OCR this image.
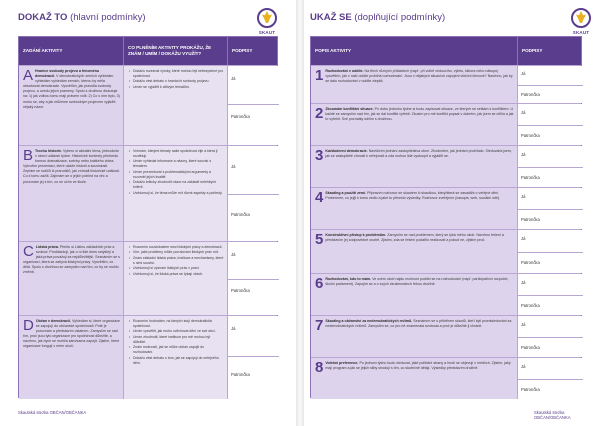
DOKAŽ TO (hlavní podmínky)
SKAUT
ZADÁNÍ AKTIVITY
CO PLNĚNÍM AKTIVITY PROKÁŽU, ŽE ZNÁM / UMÍM / DOKÁŽU VYUŽÍT?
PODPISY

A Hranice svobody projevu a fenoménu demokracii. V demokratických zemích vyhledám vyhledám vyhledám zemích, kterou by měla obsahovat demokracie. Vysvětlím, jak pravidla svobody projevu, a uvedu jejich prameny. Spolu s družinou diskutuje na: 1) jak volbou tomu mají právem volit. 2) Co s ním bylo, 3) mohu se, aby a jak můžeme svobodným projevem vyjádřit nějaký názor.

• Dokážu rozeznat výroky, které mohou být nebezpečné pro společnost.
• Dokážu vést debatu o hranicích svobody projevu.
• Umím se vyjádřit k citlivým tématům.
Já
Patrončka

B Trochu historie. Vyberu si aktuální téma, jednoduše v rámci událostí týdne. Historické kontexty předvedu formou dramatizace, scénky nebo krátkého videa. Vytvořím prezentaci, které ukáže historii a souvislosti. Zeptám se rodičů či prarodičů, jak vnímali historické události. Co k tomu zažili. Zajímám se o jejich pohled na věc a porovnám jej s tím, co se učím ve škole.

• Vnímám, kterými tématy naše společnost žije a která ji rozdělují.
• Umím vyhledat informace a názory, které souvisí s tématem.
• Umím prezentovat s problematickými argumenty a rozumět jejich kvalitě.
• Dokážu kriticky zhodnotit názor na základě nelehkých kritérií.
• Uvědomuji si, že téma může mít různé aspekty a pohledy.
Já
Patrončka

C Lidská práva. Přečtu si Listinu základních práv a svobod. Prodiskutuji, jak o ní lidé dnes smýšlejí a jaká práva považuji za nejdůležitější. Seznámím se s organizací, která se zabývá lidskými právy. Vysvětlím, co dělá. Spolu s družinou se zamyslím nad tím, co by se mohlo změnit.

• Rozumím souvislostem mezi lidskými právy a demokracií.
• Vím, jaké problémy může porušování lidských práv mít.
• Znám základní lidská práva, instituce a mechanismy, které s nimi souvisí.
• Uvědomuji si význam lidských práv v praxi.
• Uvědomuji si, že lidská práva se týkají všech.
Já
Patrončka

D Občan v demokracii. Vyhledám si, které organizace se zapojují do občanské společnosti. Poté je porovnám a představím ostatním. Zamyslím se nad tím, proč jsou tyto organizace pro společnost důležité, a navrhnu, jak bych se mohl/a sám/sama zapojit. Zjistím, které organizace fungují v mém okolí.

• Rozumím hodnotám, na kterých stojí demokratická společnost.
• Umím vysvětlit, jak mohu ovlivňovat dění ve své obci.
• Umím zhodnotit, které instituce pro mě mohou být důležité.
• Znám možnosti, jak se může občan zapojit do rozhodování.
• Dokážu vést debatu o tom, jak se zapojuji do veřejného dění.
Já
Patrončka
Skautská stezka OBČAN/OBČANKA
UKAŽ SE (doplňující podmínky)
SKAUT
POPIS AKTIVITY	PODPISY

1 Rozhodování v oddíle. Na třech různých příkladech (např. při volbě vedoucího, výletu, tábora nebo nákupu) vysvětlím, jak v naší oddíle probíhá rozhodování. Jsou v nějakých situacích zapojeni všichni členové? Navrhnu, jak by se dalo rozhodování v oddíle zlepšit.

Já
Patrončka

2 Zkoumám konfliktní situace. Po dobu jednoho týdne si budu zapisovat situace, ve kterých se setkám s konfliktem. U každé se zamyslím nad tím, jak se dal konflikt vyřešit. Zkusím pro mě konflikt popsat v dobrém, jak jsem se cítil/a a jak to vyřešit. Své poznatky sdílím s družinou.

Já
Patrončka

3 Každodenní demokracie. Navštívím jednání zastupitelstva obce. Zhodnotím, jak jednání probíhalo. Sledoval/a jsem, jak se zastupitelé chovali k veřejnosti a zda mohou lidé vystoupit a vyjádřit se.	Já
Patrončka

4 Skauting a použití zemí. Připravím rozhovor se skautem či skautkou, který/která se zasadil/a o veřejné dění. Probereme, co jej/ji k tomu vedlo a jaké to přineslo výsledky. Rozhovor zveřejním (časopis, web, sociální sítě).	Já
Patrončka

5 Konstruktivní přístup k problémům. Zamyslím se nad problémem, který se týká mého okolí. Navrhnu řešení a představím jej zodpovědné osobě. Zjistím, zda se řešení podařilo realizovat a pokud ne, zjistím proč.	Já
Patrončka

6 Rozhodování, kdo to mám. Ve svém okolí najdu možnost podílet se na rozhodování (např. participativní rozpočet, školní parlament). Zapojím se a o svých zkušenostech řeknu družině.	Já
Patrončka

7 Skauting a občanství za nedemokratických režimů. Seznámím se s příběhem skautů, kteří byli pronásledováni za nedemokratických režimů. Zamyslím se, co pro ně znamenala svoboda a proč je důležité ji chránit.	Já
Patrončka

8 Volební preference. Po jednom týdnu budu sledovat, jaké politické strany a hnutí se objevují v médiích. Zjistím, jaký mají program a jak se jejich sliby shodují s tím, co skutečně dělají. Výsledky představím družině.	Já
Patrončka
Skautská stezka OBČAN/OBČANKA
